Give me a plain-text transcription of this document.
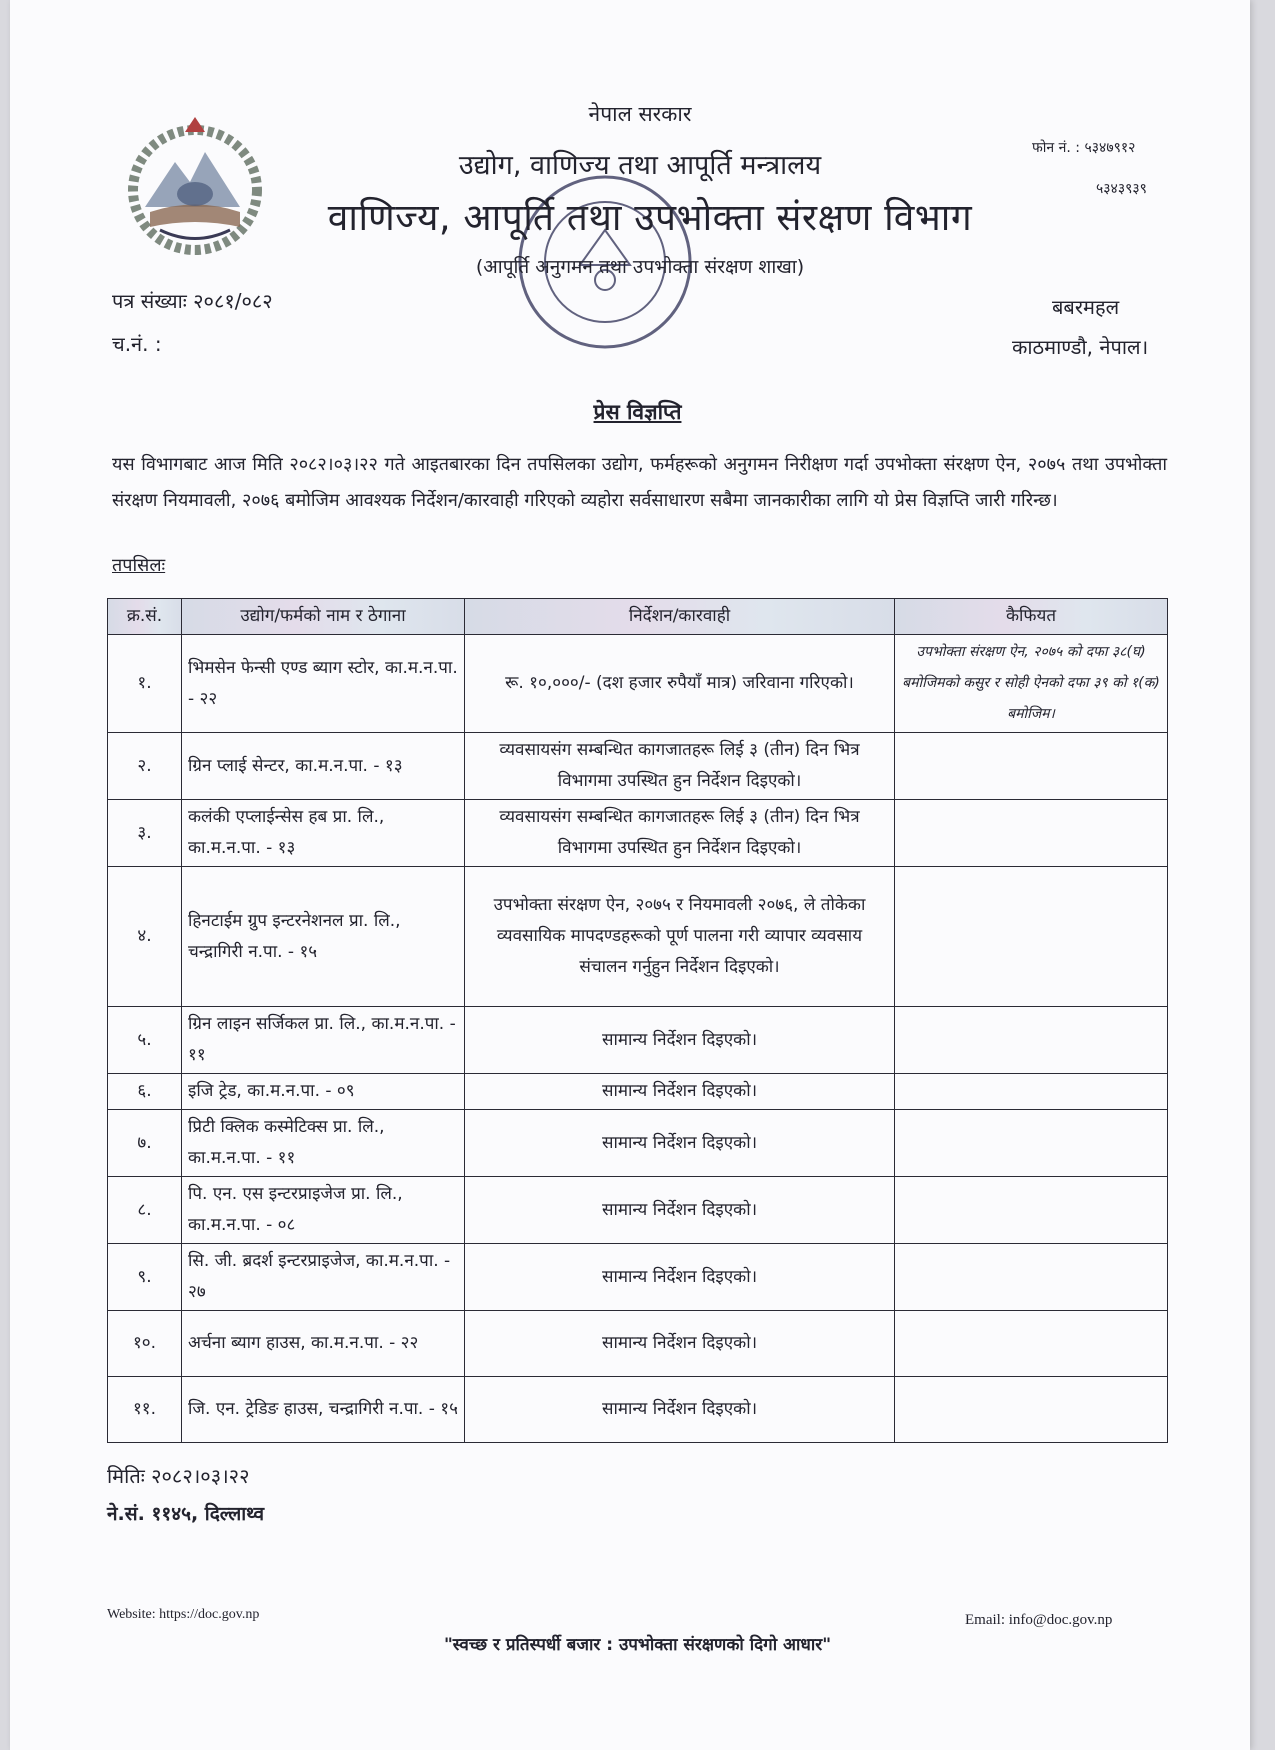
नेपाल सरकार
उद्योग, वाणिज्य तथा आपूर्ति मन्त्रालय
वाणिज्य, आपूर्ति तथा उपभोक्ता संरक्षण विभाग
(आपूर्ति अनुगमन तथा उपभोक्ता संरक्षण शाखा)
फोन नं. : ५३४७९१२
५३४३९३९
पत्र संख्याः २०८१/०८२
च.नं. :
बबरमहल
काठमाण्डौ, नेपाल।
प्रेस विज्ञप्ति
यस विभागबाट आज मिति २०८२।०३।२२ गते आइतबारका दिन तपसिलका उद्योग, फर्महरूको अनुगमन निरीक्षण गर्दा उपभोक्ता संरक्षण ऐन, २०७५ तथा उपभोक्ता संरक्षण नियमावली, २०७६ बमोजिम आवश्यक निर्देशन/कारवाही गरिएको व्यहोरा सर्वसाधारण सबैमा जानकारीका लागि यो प्रेस विज्ञप्ति जारी गरिन्छ।
तपसिलः
क्र.सं.	उद्योग/फर्मको नाम र ठेगाना	निर्देशन/कारवाही	कैफियत
१.	भिमसेन फेन्सी एण्ड ब्याग स्टोर, का.म.न.पा. - २२	रू. १०,०००/- (दश हजार रुपैयाँ मात्र) जरिवाना गरिएको।	उपभोक्ता संरक्षण ऐन, २०७५ को दफा ३८(घ) बमोजिमको कसुर र सोही ऐनको दफा ३९ को १(क) बमोजिम।
२.	ग्रिन प्लाई सेन्टर, का.म.न.पा. - १३	व्यवसायसंग सम्बन्धित कागजातहरू लिई ३ (तीन) दिन भित्र विभागमा उपस्थित हुन निर्देशन दिइएको।	
३.	कलंकी एप्लाईन्सेस हब प्रा. लि., का.म.न.पा. - १३	व्यवसायसंग सम्बन्धित कागजातहरू लिई ३ (तीन) दिन भित्र विभागमा उपस्थित हुन निर्देशन दिइएको।	
४.	हिनटाईम ग्रुप इन्टरनेशनल प्रा. लि., चन्द्रागिरी न.पा. - १५	उपभोक्ता संरक्षण ऐन, २०७५ र नियमावली २०७६, ले तोकेका व्यवसायिक मापदण्डहरूको पूर्ण पालना गरी व्यापार व्यवसाय संचालन गर्नुहुन निर्देशन दिइएको।	
५.	ग्रिन लाइन सर्जिकल प्रा. लि., का.म.न.पा. - ११	सामान्य निर्देशन दिइएको।	
६.	इजि ट्रेड, का.म.न.पा. - ०९	सामान्य निर्देशन दिइएको।	
७.	प्रिटी क्लिक कस्मेटिक्स प्रा. लि., का.म.न.पा. - ११	सामान्य निर्देशन दिइएको।	
८.	पि. एन. एस इन्टरप्राइजेज प्रा. लि., का.म.न.पा. - ०८	सामान्य निर्देशन दिइएको।	
९.	सि. जी. ब्रदर्श इन्टरप्राइजेज, का.म.न.पा. - २७	सामान्य निर्देशन दिइएको।	
१०.	अर्चना ब्याग हाउस, का.म.न.पा. - २२	सामान्य निर्देशन दिइएको।	
११.	जि. एन. ट्रेडिङ हाउस, चन्द्रागिरी न.पा. - १५	सामान्य निर्देशन दिइएको।	
मितिः २०८२।०३।२२
ने.सं. ११४५, दिल्लाथ्व
Website: https://doc.gov.np	Email: info@doc.gov.np
"स्वच्छ र प्रतिस्पर्धी बजार : उपभोक्ता संरक्षणको दिगो आधार"
